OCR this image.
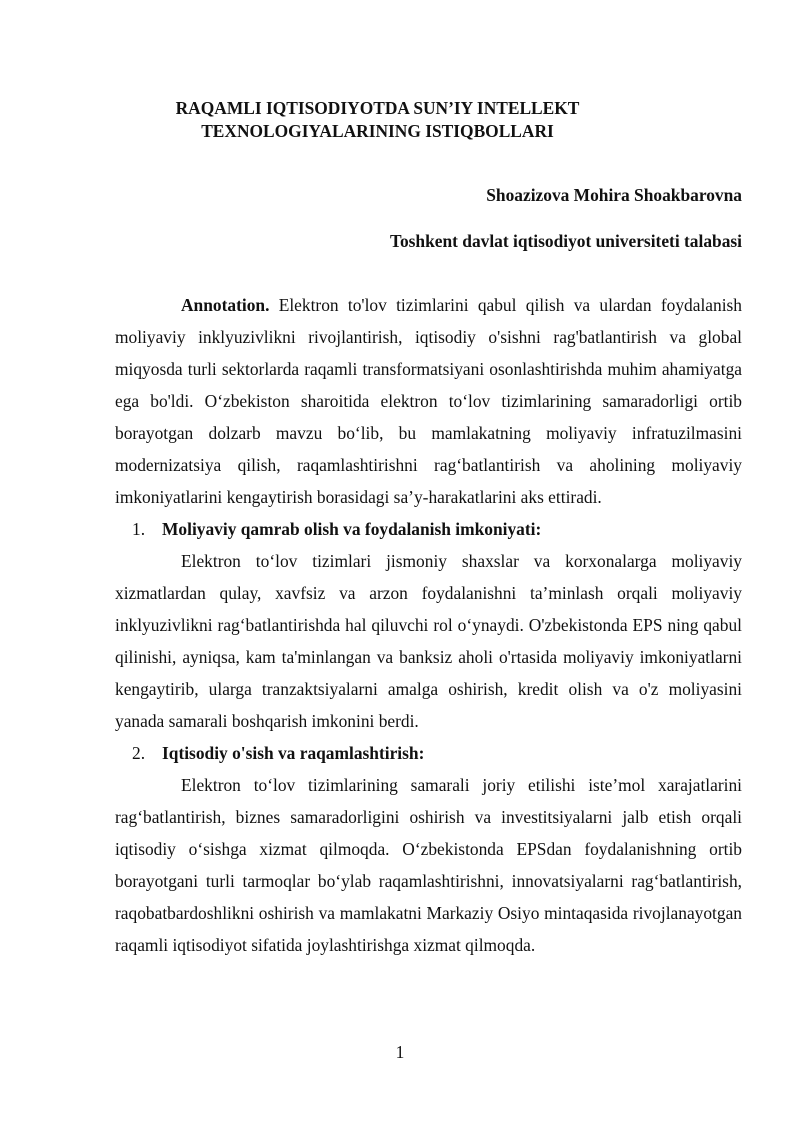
RAQAMLI IQTISODIYOTDA SUN’IY INTELLEKT TEXNOLOGIYALARINING ISTIQBOLLARI

Shoazizova Mohira Shoakbarovna

Toshkent davlat iqtisodiyot universiteti talabasi

Annotation. Elektron to'lov tizimlarini qabul qilish va ulardan foydalanish moliyaviy inklyuzivlikni rivojlantirish, iqtisodiy o'sishni rag'batlantirish va global miqyosda turli sektorlarda raqamli transformatsiyani osonlashtirishda muhim ahamiyatga ega bo'ldi. O‘zbekiston sharoitida elektron to‘lov tizimlarining samaradorligi ortib borayotgan dolzarb mavzu bo‘lib, bu mamlakatning moliyaviy infratuzilmasini modernizatsiya qilish, raqamlashtirishni rag‘batlantirish va aholining moliyaviy imkoniyatlarini kengaytirish borasidagi sa’y-harakatlarini aks ettiradi.

1. Moliyaviy qamrab olish va foydalanish imkoniyati:

Elektron to‘lov tizimlari jismoniy shaxslar va korxonalarga moliyaviy xizmatlardan qulay, xavfsiz va arzon foydalanishni ta’minlash orqali moliyaviy inklyuzivlikni rag‘batlantirishda hal qiluvchi rol o‘ynaydi. O'zbekistonda EPS ning qabul qilinishi, ayniqsa, kam ta'minlangan va banksiz aholi o'rtasida moliyaviy imkoniyatlarni kengaytirib, ularga tranzaktsiyalarni amalga oshirish, kredit olish va o'z moliyasini yanada samarali boshqarish imkonini berdi.

2. Iqtisodiy o'sish va raqamlashtirish:

Elektron to‘lov tizimlarining samarali joriy etilishi iste’mol xarajatlarini rag‘batlantirish, biznes samaradorligini oshirish va investitsiyalarni jalb etish orqali iqtisodiy o‘sishga xizmat qilmoqda. O‘zbekistonda EPSdan foydalanishning ortib borayotgani turli tarmoqlar bo‘ylab raqamlashtirishni, innovatsiyalarni rag‘batlantirish, raqobatbardoshlikni oshirish va mamlakatni Markaziy Osiyo mintaqasida rivojlanayotgan raqamli iqtisodiyot sifatida joylashtirishga xizmat qilmoqda.

1
